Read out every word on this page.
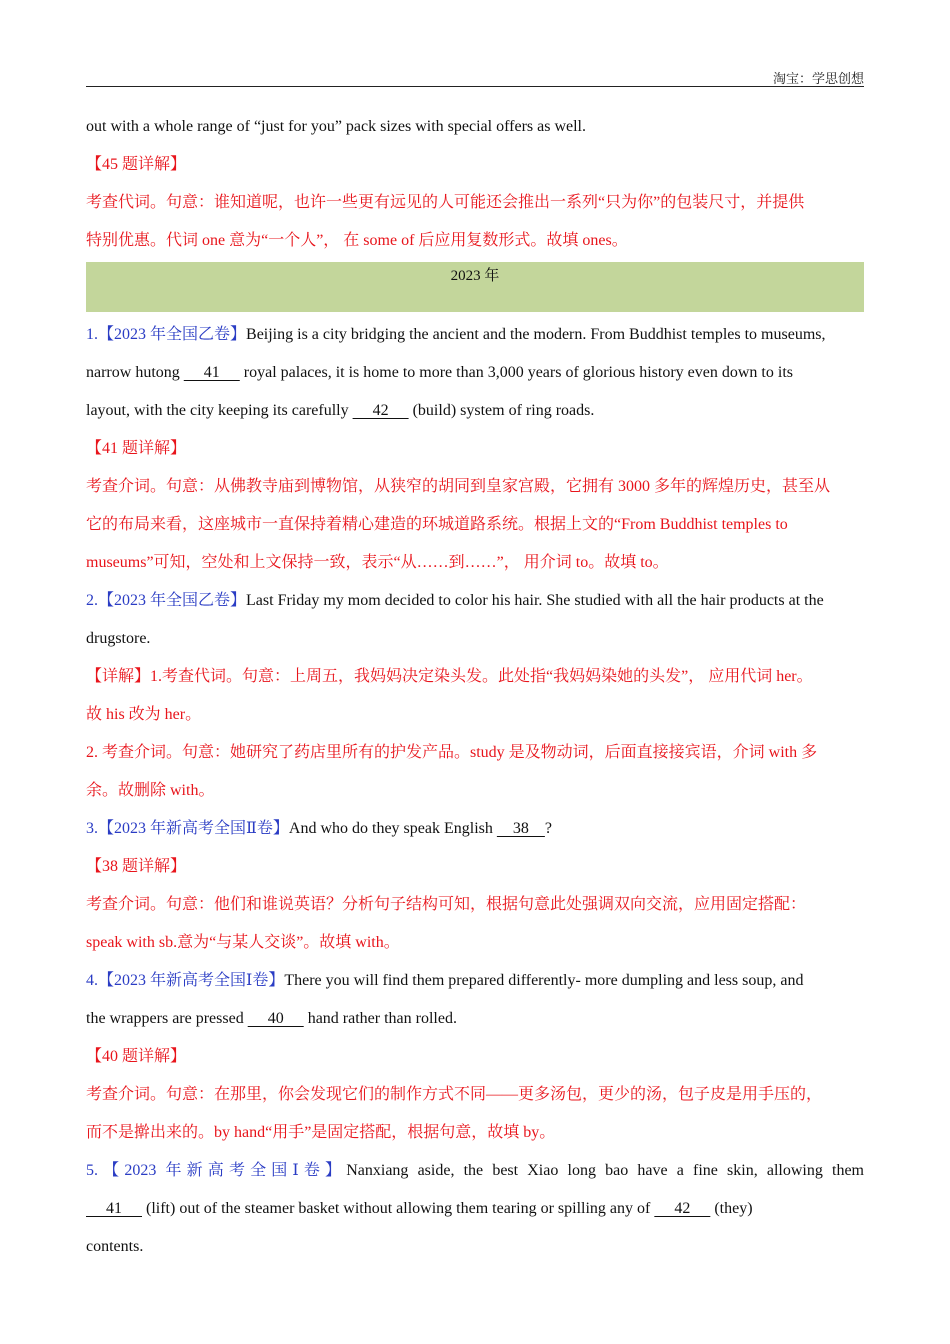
淘宝：学思创想

out with a whole range of “just for you” pack sizes with special offers as well.

【45 题详解】

考查代词。句意：谁知道呢，也许一些更有远见的人可能还会推出一系列“只为你”的包装尺寸，并提供

特别优惠。代词 one 意为“一个人”， 在 some of 后应用复数形式。故填 ones。

2023 年

1.【2023 年全国乙卷】Beijing is a city bridging the ancient and the modern. From Buddhist temples to museums,

narrow hutong      41      royal palaces, it is home to more than 3,000 years of glorious history even down to its

layout, with the city keeping its carefully      42      (build) system of ring roads.

【41 题详解】

考查介词。句意：从佛教寺庙到博物馆，从狭窄的胡同到皇家宫殿，它拥有 3000 多年的辉煌历史，甚至从

它的布局来看，这座城市一直保持着精心建造的环城道路系统。根据上文的“From Buddhist temples to

museums”可知，空处和上文保持一致，表示“从……到……”， 用介词 to。故填 to。

2.【2023 年全国乙卷】Last Friday my mom decided to color his hair. She studied with all the hair products at the

drugstore.

【详解】1.考查代词。句意：上周五，我妈妈决定染头发。此处指“我妈妈染她的头发”， 应用代词 her。

故 his 改为 her。

2. 考查介词。句意：她研究了药店里所有的护发产品。study 是及物动词，后面直接接宾语，介词 with 多

余。故删除 with。

3.【2023 年新高考全国Ⅱ卷】And who do they speak English     38    ?

【38 题详解】

考查介词。句意：他们和谁说英语？分析句子结构可知，根据句意此处强调双向交流，应用固定搭配：

speak with sb.意为“与某人交谈”。故填 with。

4.【2023 年新高考全国Ⅰ卷】There you will find them prepared differently- more dumpling and less soup, and

the wrappers are pressed      40      hand rather than rolled.

【40 题详解】

考查介词。句意：在那里，你会发现它们的制作方式不同——更多汤包，更少的汤，包子皮是用手压的，

而不是擀出来的。by hand“用手”是固定搭配，根据句意，故填 by。

5.【2023 年新高考全国Ⅰ卷】Nanxiang aside, the best Xiao long bao have a fine skin, allowing them

41      (lift) out of the steamer basket without allowing them tearing or spilling any of      42      (they)

contents.
